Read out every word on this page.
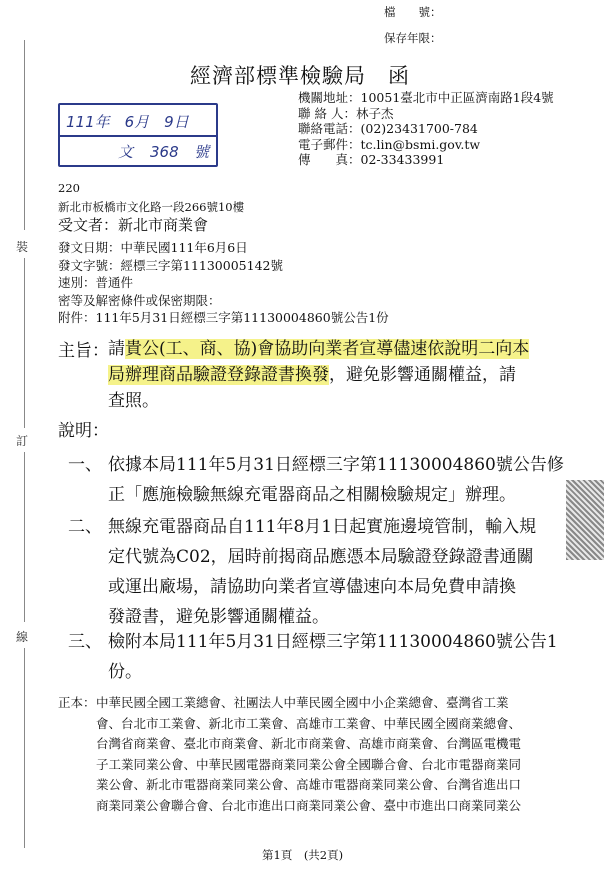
檔　　號：
保存年限：
經濟部標準檢驗局　函
111年　6月　9日
文 368 號
機關地址：10051臺北市中正區濟南路1段4號
聯 絡 人：林子杰
聯絡電話：(02)23431700-784
電子郵件：tc.lin@bsmi.gov.tw
傳　　真：02-33433991
220
新北市板橋市文化路一段266號10樓
受文者：新北市商業會
發文日期：中華民國111年6月6日
發文字號：經標三字第11130005142號
速別：普通件
密等及解密條件或保密期限：
附件：111年5月31日經標三字第11130004860號公告1份
主旨： 請貴公(工、商、協)會協助向業者宣導儘速依說明二向本
局辦理商品驗證登錄證書換發，避免影響通關權益，請
查照。
說明：
一、 依據本局111年5月31日經標三字第11130004860號公告修
正「應施檢驗無線充電器商品之相關檢驗規定」辦理。
二、 無線充電器商品自111年8月1日起實施邊境管制，輸入規
定代號為C02，屆時前揭商品應憑本局驗證登錄證書通關
或運出廠場，請協助向業者宣導儘速向本局免費申請換
發證書，避免影響通關權益。
三、 檢附本局111年5月31日經標三字第11130004860號公告1
份。
正本： 中華民國全國工業總會、社團法人中華民國全國中小企業總會、臺灣省工業
會、台北市工業會、新北市工業會、高雄市工業會、中華民國全國商業總會、
台灣省商業會、臺北市商業會、新北市商業會、高雄市商業會、台灣區電機電
子工業同業公會、中華民國電器商業同業公會全國聯合會、台北市電器商業同
業公會、新北市電器商業同業公會、高雄市電器商業同業公會、台灣省進出口
商業同業公會聯合會、台北市進出口商業同業公會、臺中市進出口商業同業公
裝
訂
線
第1頁　(共2頁)
